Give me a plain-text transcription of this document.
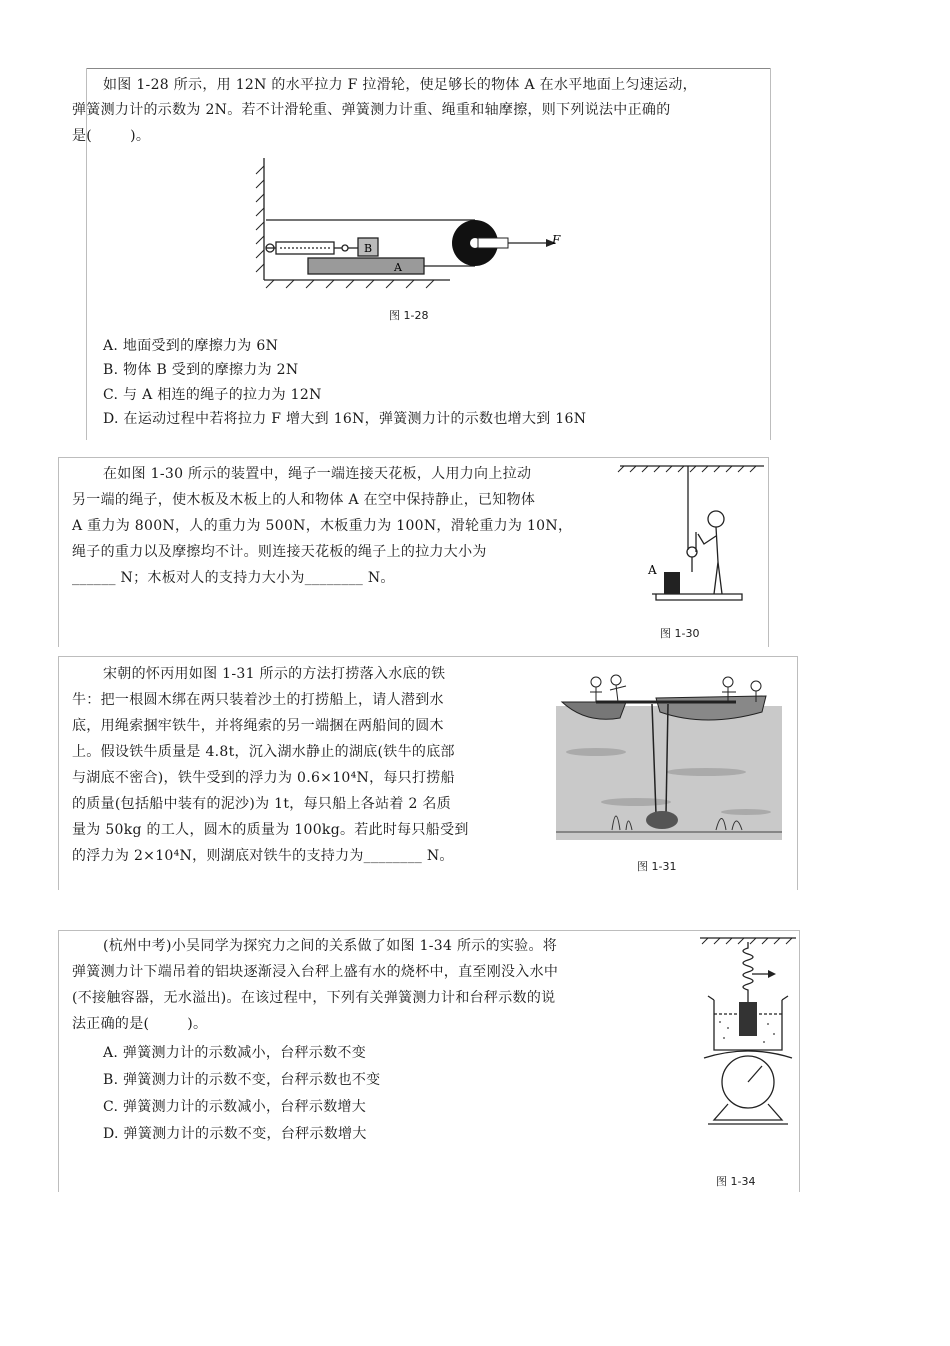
如图 1-28 所示，用 12N 的水平拉力 F 拉滑轮，使足够长的物体 A 在水平地面上匀速运动，
弹簧测力计的示数为 2N。若不计滑轮重、弹簧测力计重、绳重和轴摩擦，则下列说法中正确的
是(        )。
B
A
F
图 1-28
A. 地面受到的摩擦力为 6N
B. 物体 B 受到的摩擦力为 2N
C. 与 A 相连的绳子的拉力为 12N
D. 在运动过程中若将拉力 F 增大到 16N，弹簧测力计的示数也增大到 16N
在如图 1-30 所示的装置中，绳子一端连接天花板，人用力向上拉动
另一端的绳子，使木板及木板上的人和物体 A 在空中保持静止，已知物体
A 重力为 800N，人的重力为 500N，木板重力为 100N，滑轮重力为 10N，
绳子的重力以及摩擦均不计。则连接天花板的绳子上的拉力大小为
______ N；木板对人的支持力大小为________ N。	A
图 1-30
宋朝的怀丙用如图 1-31 所示的方法打捞落入水底的铁
牛：把一根圆木绑在两只装着沙土的打捞船上，请人潜到水
底，用绳索捆牢铁牛，并将绳索的另一端捆在两船间的圆木
上。假设铁牛质量是 4.8t，沉入湖水静止的湖底(铁牛的底部
与湖底不密合)，铁牛受到的浮力为 0.6×10⁴N，每只打捞船
的质量(包括船中装有的泥沙)为 1t，每只船上各站着 2 名质
量为 50kg 的工人，圆木的质量为 100kg。若此时每只船受到
的浮力为 2×10⁴N，则湖底对铁牛的支持力为________ N。
图 1-31
(杭州中考)小吴同学为探究力之间的关系做了如图 1-34 所示的实验。将
弹簧测力计下端吊着的铝块逐渐浸入台秤上盛有水的烧杯中，直至刚没入水中
(不接触容器，无水溢出)。在该过程中，下列有关弹簧测力计和台秤示数的说
法正确的是(        )。
A. 弹簧测力计的示数减小，台秤示数不变
B. 弹簧测力计的示数不变，台秤示数也不变
C. 弹簧测力计的示数减小，台秤示数增大
D. 弹簧测力计的示数不变，台秤示数增大
图 1-34
